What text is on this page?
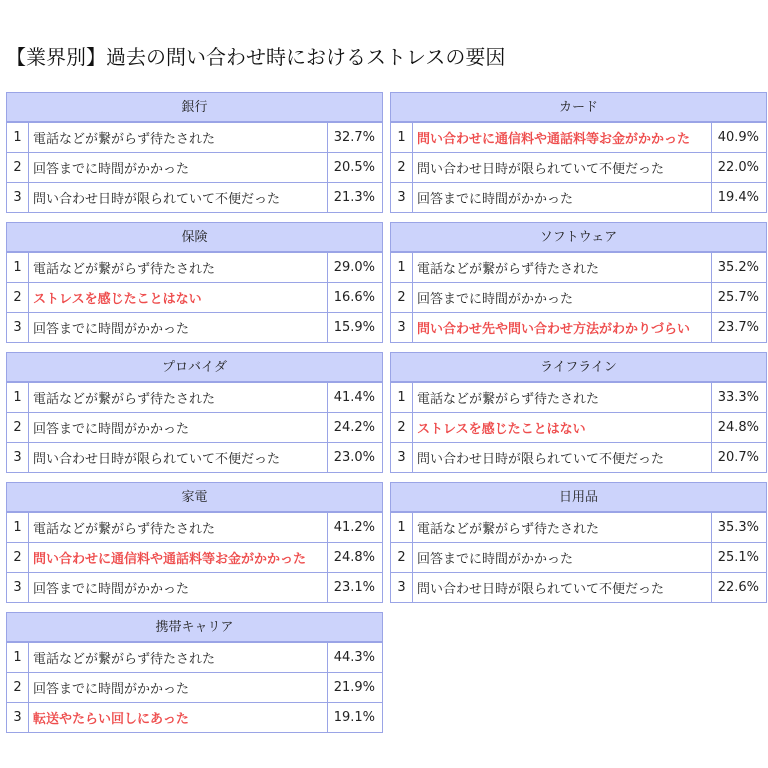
【業界別】過去の問い合わせ時におけるストレスの要因
銀行
1	電話などが繋がらず待たされた	32.7%
2	回答までに時間がかかった	20.5%
3	問い合わせ日時が限られていて不便だった	21.3%
カード
1	問い合わせに通信料や通話料等お金がかかった	40.9%
2	問い合わせ日時が限られていて不便だった	22.0%
3	回答までに時間がかかった	19.4%
保険
1	電話などが繋がらず待たされた	29.0%
2	ストレスを感じたことはない	16.6%
3	回答までに時間がかかった	15.9%
ソフトウェア
1	電話などが繋がらず待たされた	35.2%
2	回答までに時間がかかった	25.7%
3	問い合わせ先や問い合わせ方法がわかりづらい	23.7%
プロバイダ
1	電話などが繋がらず待たされた	41.4%
2	回答までに時間がかかった	24.2%
3	問い合わせ日時が限られていて不便だった	23.0%
ライフライン
1	電話などが繋がらず待たされた	33.3%
2	ストレスを感じたことはない	24.8%
3	問い合わせ日時が限られていて不便だった	20.7%
家電
1	電話などが繋がらず待たされた	41.2%
2	問い合わせに通信料や通話料等お金がかかった	24.8%
3	回答までに時間がかかった	23.1%
日用品
1	電話などが繋がらず待たされた	35.3%
2	回答までに時間がかかった	25.1%
3	問い合わせ日時が限られていて不便だった	22.6%
携帯キャリア
1	電話などが繋がらず待たされた	44.3%
2	回答までに時間がかかった	21.9%
3	転送やたらい回しにあった	19.1%
